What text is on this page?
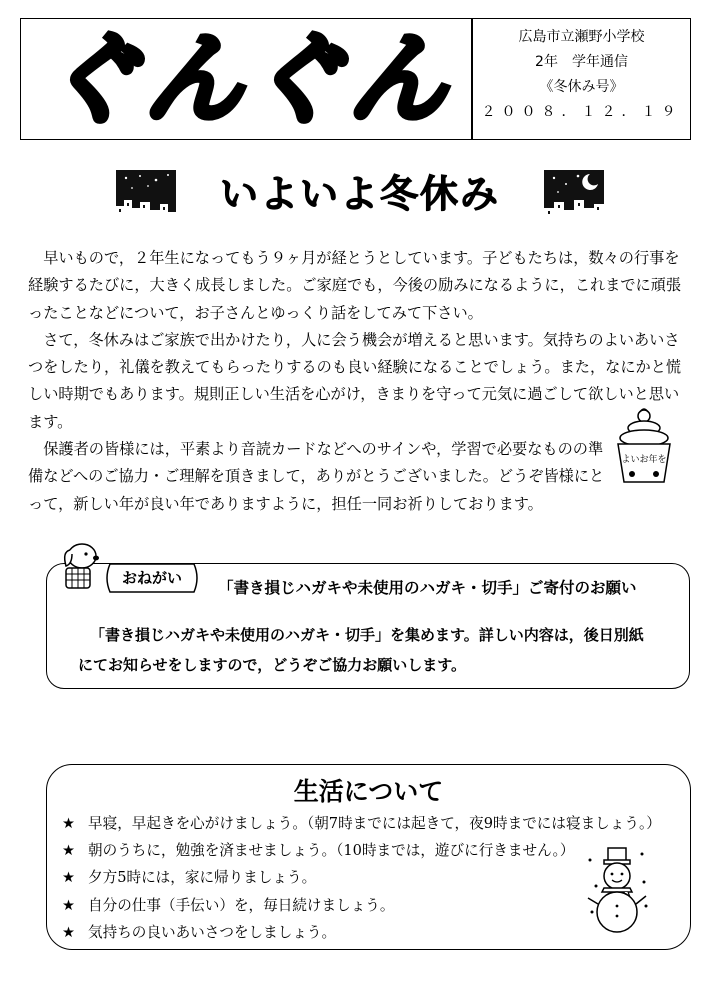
ぐんぐん	広島市立瀬野小学校
2年　学年通信
《冬休み号》
２００８．１２．１９
いよいよ冬休み

早いもので，２年生になってもう９ヶ月が経とうとしています。子どもたちは，数々の行事を経験するたびに，大きく成長しました。ご家庭でも，今後の励みになるように，これまでに頑張ったことなどについて，お子さんとゆっくり話をしてみて下さい。

さて，冬休みはご家族で出かけたり，人に会う機会が増えると思います。気持ちのよいあいさつをしたり，礼儀を教えてもらったりするのも良い経験になることでしょう。また，なにかと慌しい時期でもあります。規則正しい生活を心がけ，きまりを守って元気に過ごして欲しいと思います。

保護者の皆様には，平素より音読カードなどへのサインや，学習で必要なものの準備などへのご協力・ご理解を頂きまして，ありがとうございました。どうぞ皆様にとって，新しい年が良い年でありますように，担任一同お祈りしております。

よいお年を
おねがい
「書き損じハガキや未使用のハガキ・切手」ご寄付のお願い

「書き損じハガキや未使用のハガキ・切手」を集めます。詳しい内容は，後日別紙

にてお知らせをしますので，どうぞご協力お願いします。

生活について
★ 早寝，早起きを心がけましょう。（朝7時までには起きて，夜9時までには寝ましょう。）
★ 朝のうちに，勉強を済ませましょう。（10時までは，遊びに行きません。）
★ 夕方5時には，家に帰りましょう。
★ 自分の仕事（手伝い）を，毎日続けましょう。
★ 気持ちの良いあいさつをしましょう。
